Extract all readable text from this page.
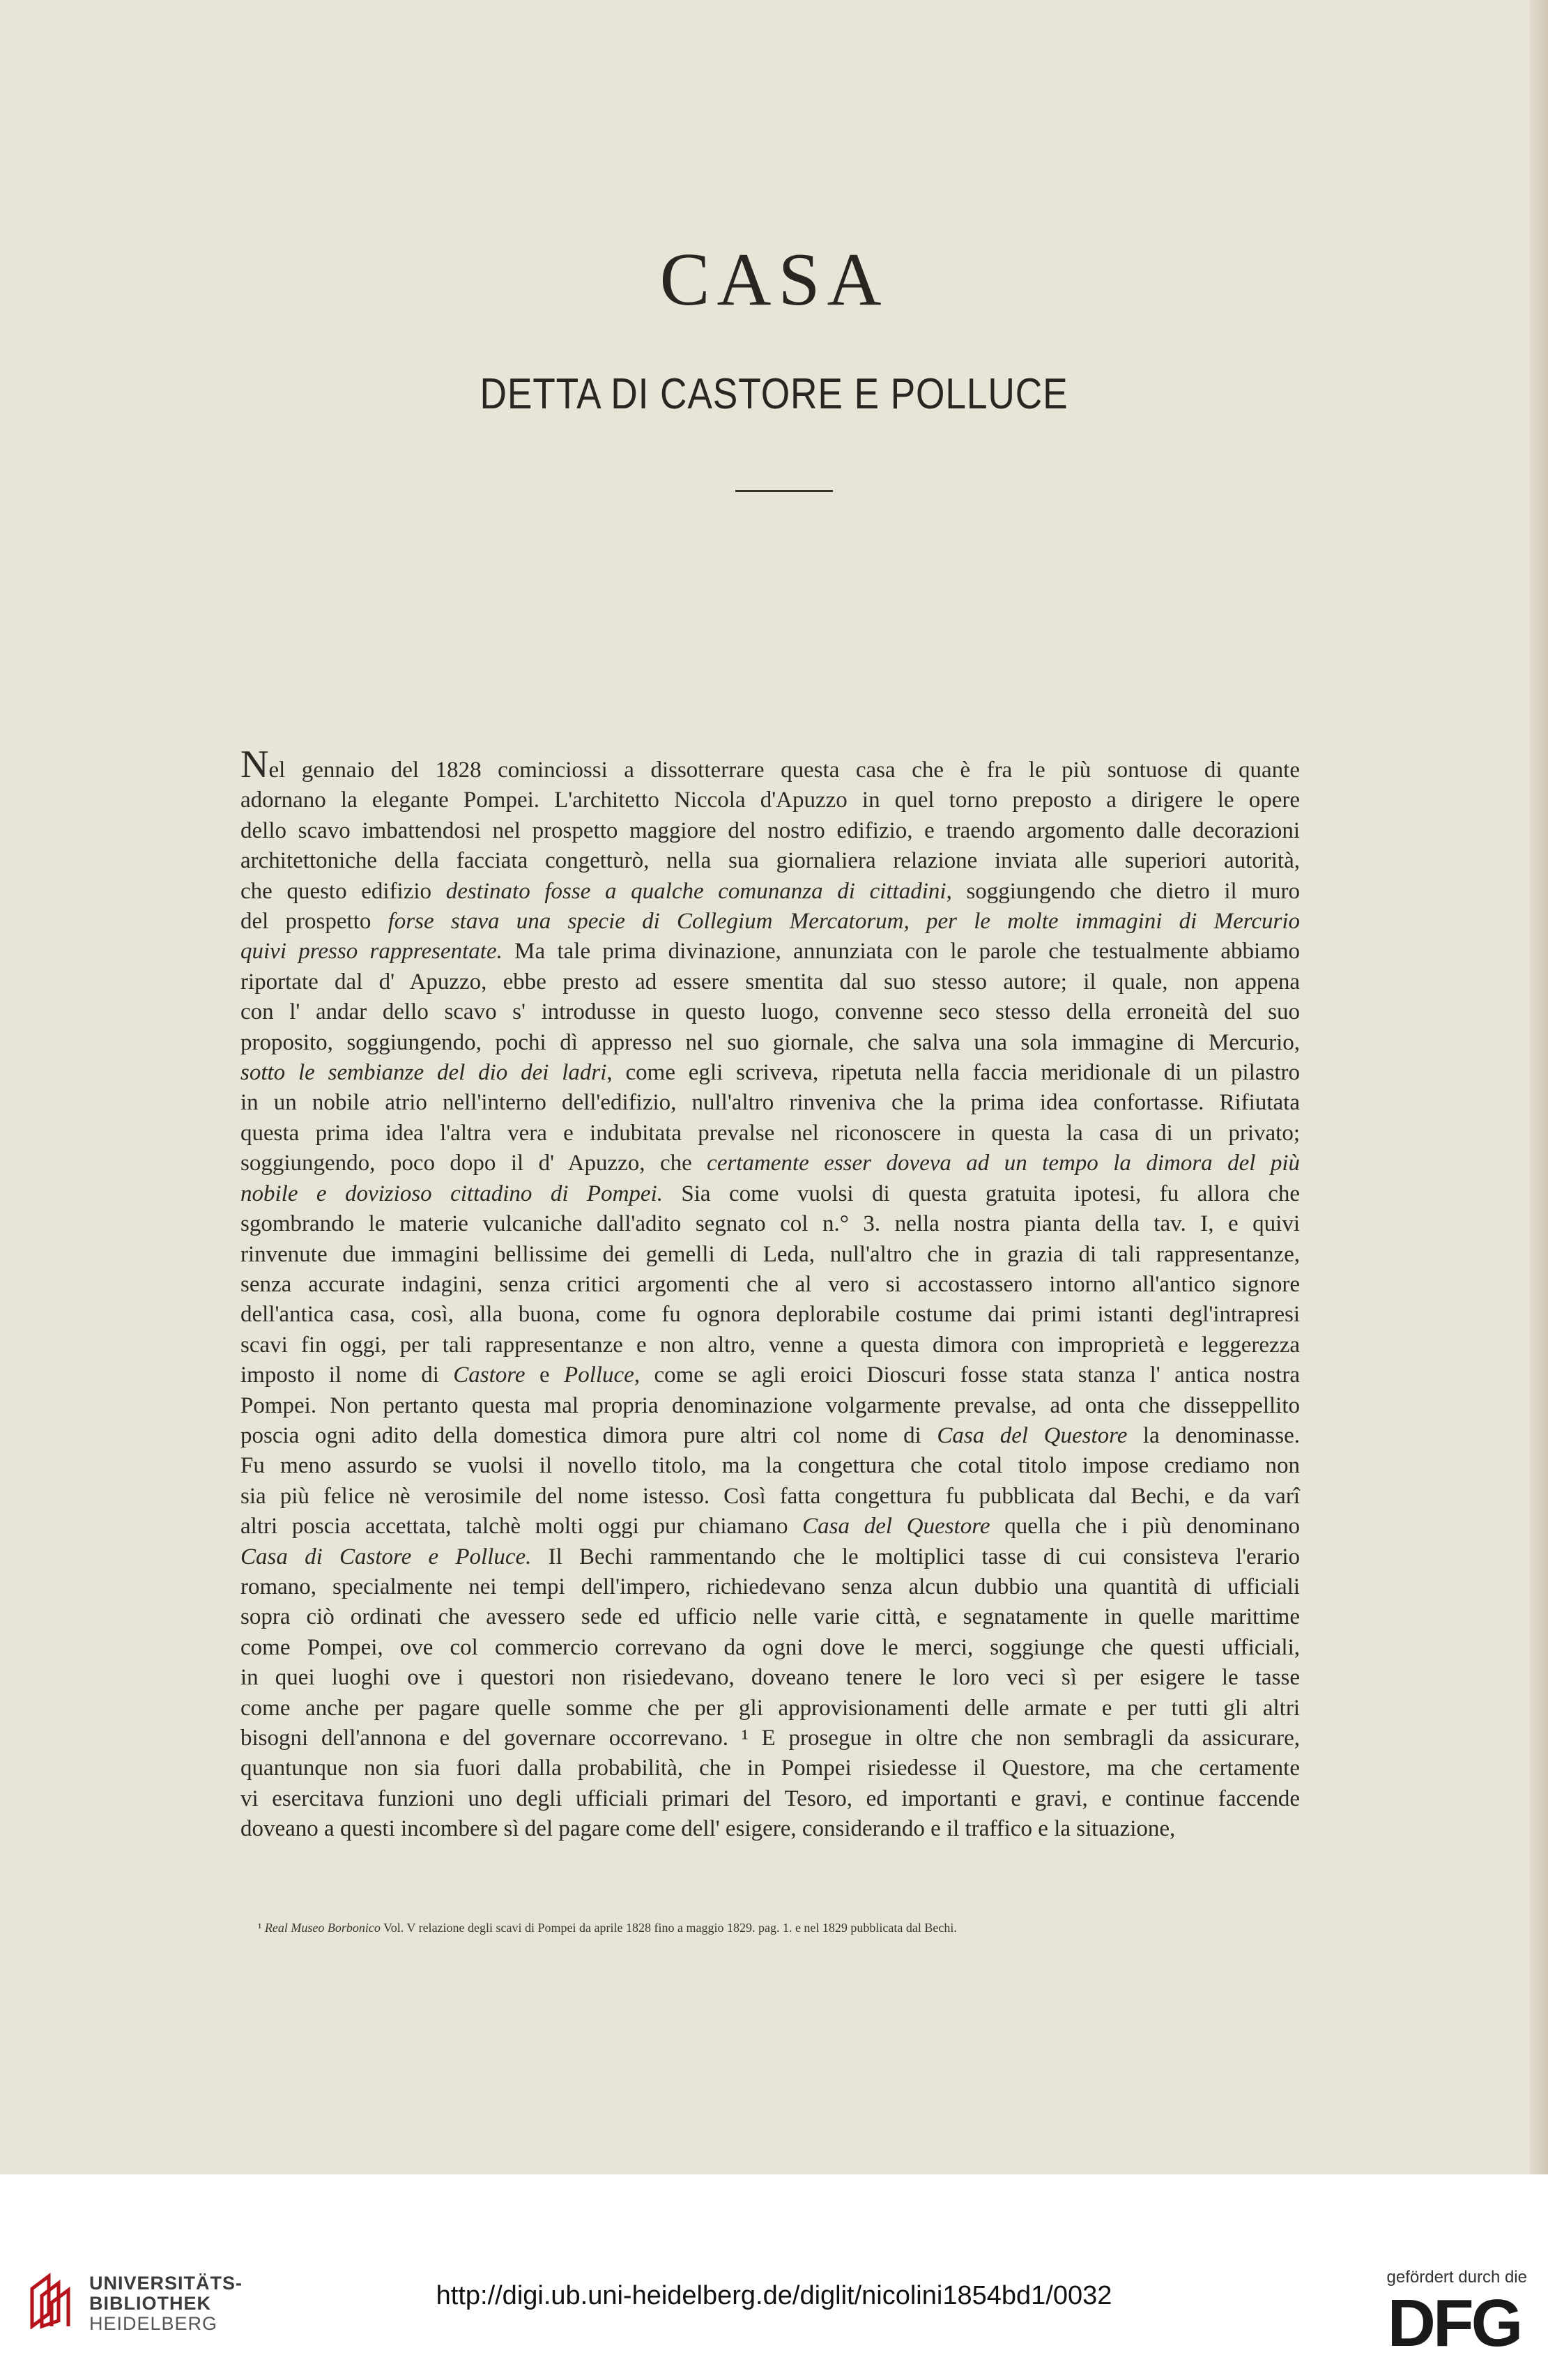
CASA
DETTA DI CASTORE E POLLUCE
Nel gennaio del 1828 cominciossi a dissotterrare questa casa che è fra le più sontuose di quante
adornano la elegante Pompei. L'architetto Niccola d'Apuzzo in quel torno preposto a dirigere le opere
dello scavo imbattendosi nel prospetto maggiore del nostro edifizio, e traendo argomento dalle decorazioni
architettoniche della facciata congetturò, nella sua giornaliera relazione inviata alle superiori autorità,
che questo edifizio destinato fosse a qualche comunanza di cittadini, soggiungendo che dietro il muro
del prospetto forse stava una specie di Collegium Mercatorum, per le molte immagini di Mercurio
quivi presso rappresentate. Ma tale prima divinazione, annunziata con le parole che testualmente abbiamo
riportate dal d' Apuzzo, ebbe presto ad essere smentita dal suo stesso autore; il quale, non appena
con l' andar dello scavo s' introdusse in questo luogo, convenne seco stesso della erroneità del suo
proposito, soggiungendo, pochi dì appresso nel suo giornale, che salva una sola immagine di Mercurio,
sotto le sembianze del dio dei ladri, come egli scriveva, ripetuta nella faccia meridionale di un pilastro
in un nobile atrio nell'interno dell'edifizio, null'altro rinveniva che la prima idea confortasse. Rifiutata
questa prima idea l'altra vera e indubitata prevalse nel riconoscere in questa la casa di un privato;
soggiungendo, poco dopo il d' Apuzzo, che certamente esser doveva ad un tempo la dimora del più
nobile e dovizioso cittadino di Pompei. Sia come vuolsi di questa gratuita ipotesi, fu allora che
sgombrando le materie vulcaniche dall'adito segnato col n.° 3. nella nostra pianta della tav. I, e quivi
rinvenute due immagini bellissime dei gemelli di Leda, null'altro che in grazia di tali rappresentanze,
senza accurate indagini, senza critici argomenti che al vero si accostassero intorno all'antico signore
dell'antica casa, così, alla buona, come fu ognora deplorabile costume dai primi istanti degl'intrapresi
scavi fin oggi, per tali rappresentanze e non altro, venne a questa dimora con improprietà e leggerezza
imposto il nome di Castore e Polluce, come se agli eroici Dioscuri fosse stata stanza l' antica nostra
Pompei. Non pertanto questa mal propria denominazione volgarmente prevalse, ad onta che disseppellito
poscia ogni adito della domestica dimora pure altri col nome di Casa del Questore la denominasse.
Fu meno assurdo se vuolsi il novello titolo, ma la congettura che cotal titolo impose crediamo non
sia più felice nè verosimile del nome istesso. Così fatta congettura fu pubblicata dal Bechi, e da varî
altri poscia accettata, talchè molti oggi pur chiamano Casa del Questore quella che i più denominano
Casa di Castore e Polluce. Il Bechi rammentando che le moltiplici tasse di cui consisteva l'erario
romano, specialmente nei tempi dell'impero, richiedevano senza alcun dubbio una quantità di ufficiali
sopra ciò ordinati che avessero sede ed ufficio nelle varie città, e segnatamente in quelle marittime
come Pompei, ove col commercio correvano da ogni dove le merci, soggiunge che questi ufficiali,
in quei luoghi ove i questori non risiedevano, doveano tenere le loro veci sì per esigere le tasse
come anche per pagare quelle somme che per gli approvisionamenti delle armate e per tutti gli altri
bisogni dell'annona e del governare occorrevano. ¹ E prosegue in oltre che non sembragli da assicurare,
quantunque non sia fuori dalla probabilità, che in Pompei risiedesse il Questore, ma che certamente
vi esercitava funzioni uno degli ufficiali primari del Tesoro, ed importanti e gravi, e continue faccende
doveano a questi incombere sì del pagare come dell' esigere, considerando e il traffico e la situazione,
¹ Real Museo Borbonico Vol. V relazione degli scavi di Pompei da aprile 1828 fino a maggio 1829. pag. 1. e nel 1829 pubblicata dal Bechi.
UNIVERSITÄTS-
BIBLIOTHEK
HEIDELBERG
http://digi.ub.uni-heidelberg.de/diglit/nicolini1854bd1/0032
gefördert durch die
DFG
